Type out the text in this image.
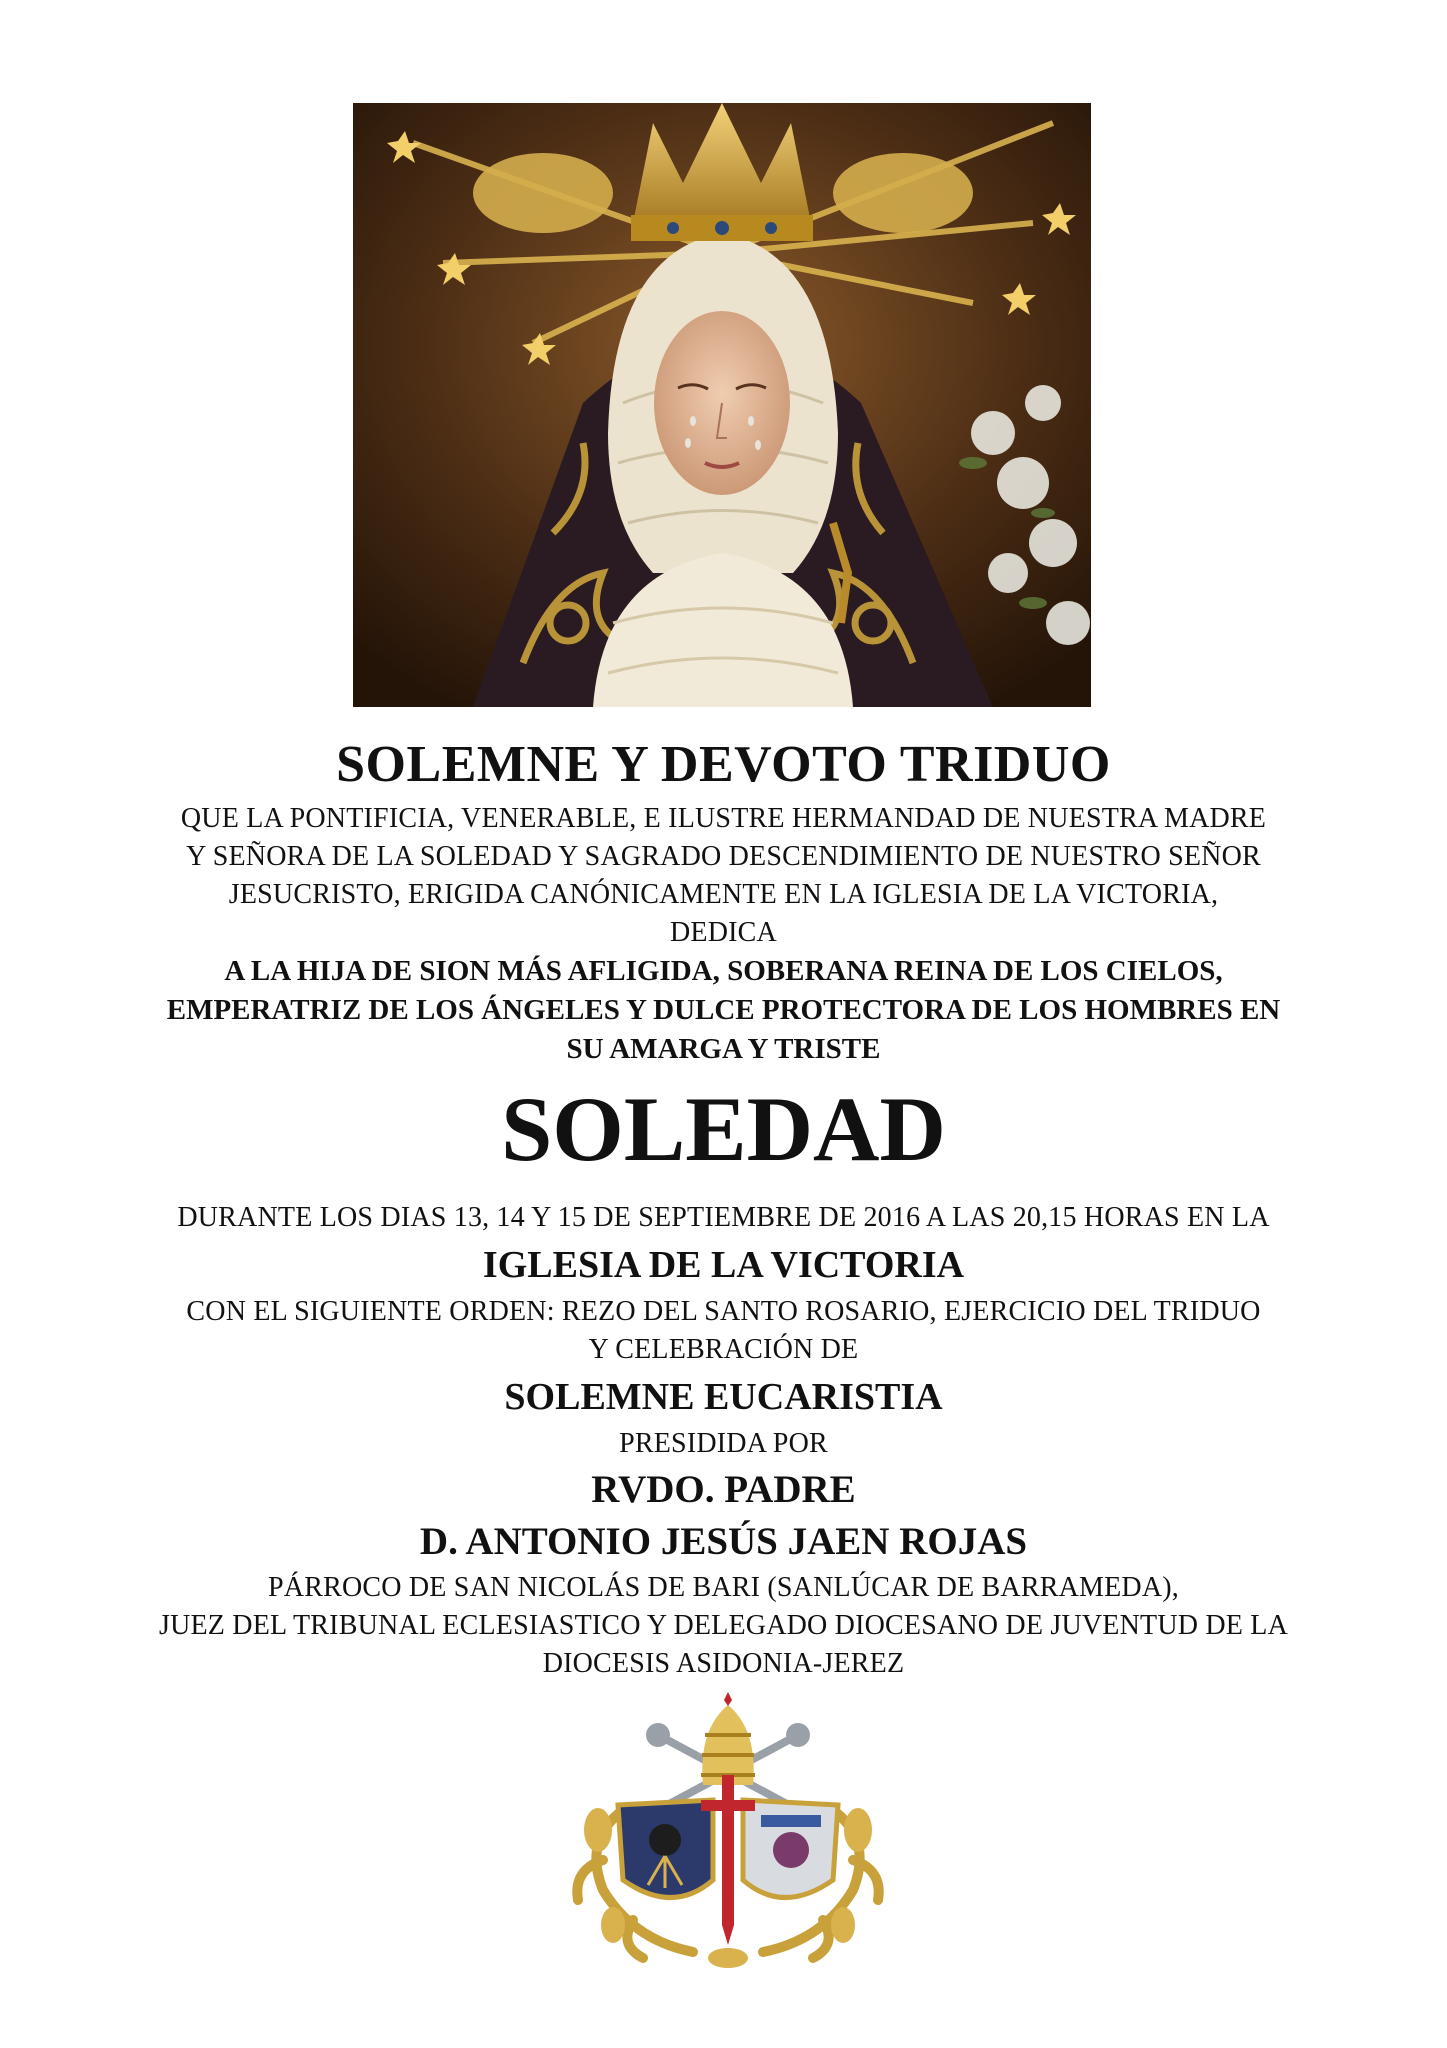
SOLEMNE Y DEVOTO TRIDUO

QUE LA PONTIFICIA, VENERABLE, E ILUSTRE HERMANDAD DE NUESTRA MADRE

Y SEÑORA DE LA SOLEDAD Y SAGRADO DESCENDIMIENTO DE NUESTRO SEÑOR

JESUCRISTO, ERIGIDA CANÓNICAMENTE EN LA IGLESIA DE LA VICTORIA,

DEDICA

A LA HIJA DE SION MÁS AFLIGIDA, SOBERANA REINA DE LOS CIELOS,

EMPERATRIZ DE LOS ÁNGELES Y DULCE PROTECTORA DE LOS HOMBRES EN

SU AMARGA Y TRISTE

SOLEDAD

DURANTE LOS DIAS 13, 14 Y 15 DE SEPTIEMBRE DE 2016 A LAS 20,15 HORAS EN LA

IGLESIA DE LA VICTORIA

CON EL SIGUIENTE ORDEN: REZO DEL SANTO ROSARIO, EJERCICIO DEL TRIDUO

Y CELEBRACIÓN DE

SOLEMNE EUCARISTIA

PRESIDIDA POR

RVDO. PADRE

D. ANTONIO JESÚS JAEN ROJAS

PÁRROCO DE SAN NICOLÁS DE BARI (SANLÚCAR DE BARRAMEDA),

JUEZ DEL TRIBUNAL ECLESIASTICO Y DELEGADO DIOCESANO DE JUVENTUD DE LA

DIOCESIS ASIDONIA-JEREZ
